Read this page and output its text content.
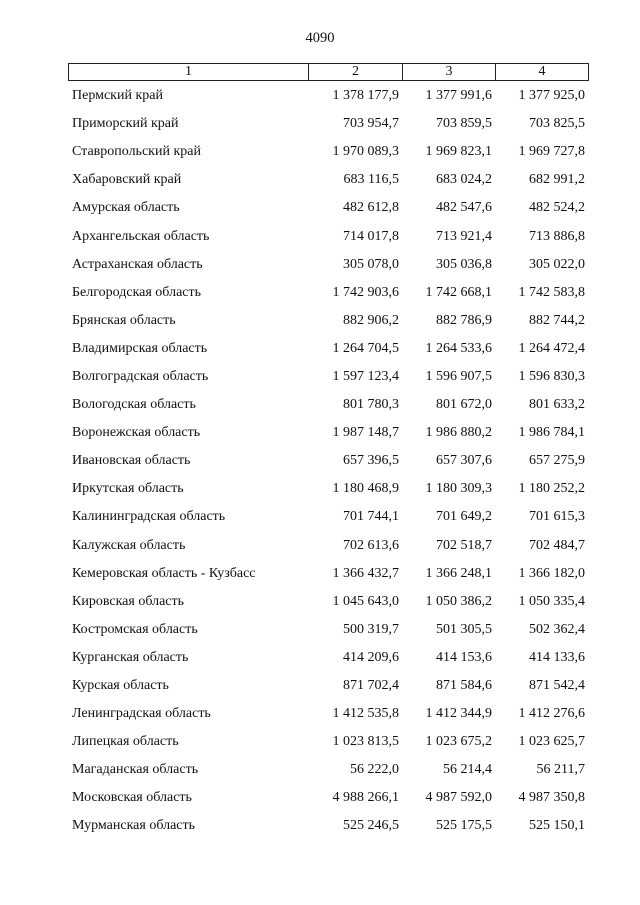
4090
1	2	3	4
Пермский край	1 378 177,9	1 377 991,6	1 377 925,0
Приморский край	703 954,7	703 859,5	703 825,5
Ставропольский край	1 970 089,3	1 969 823,1	1 969 727,8
Хабаровский край	683 116,5	683 024,2	682 991,2
Амурская область	482 612,8	482 547,6	482 524,2
Архангельская область	714 017,8	713 921,4	713 886,8
Астраханская область	305 078,0	305 036,8	305 022,0
Белгородская область	1 742 903,6	1 742 668,1	1 742 583,8
Брянская область	882 906,2	882 786,9	882 744,2
Владимирская область	1 264 704,5	1 264 533,6	1 264 472,4
Волгоградская область	1 597 123,4	1 596 907,5	1 596 830,3
Вологодская область	801 780,3	801 672,0	801 633,2
Воронежская область	1 987 148,7	1 986 880,2	1 986 784,1
Ивановская область	657 396,5	657 307,6	657 275,9
Иркутская область	1 180 468,9	1 180 309,3	1 180 252,2
Калининградская область	701 744,1	701 649,2	701 615,3
Калужская область	702 613,6	702 518,7	702 484,7
Кемеровская область - Кузбасс	1 366 432,7	1 366 248,1	1 366 182,0
Кировская область	1 045 643,0	1 050 386,2	1 050 335,4
Костромская область	500 319,7	501 305,5	502 362,4
Курганская область	414 209,6	414 153,6	414 133,6
Курская область	871 702,4	871 584,6	871 542,4
Ленинградская область	1 412 535,8	1 412 344,9	1 412 276,6
Липецкая область	1 023 813,5	1 023 675,2	1 023 625,7
Магаданская область	56 222,0	56 214,4	56 211,7
Московская область	4 988 266,1	4 987 592,0	4 987 350,8
Мурманская область	525 246,5	525 175,5	525 150,1
